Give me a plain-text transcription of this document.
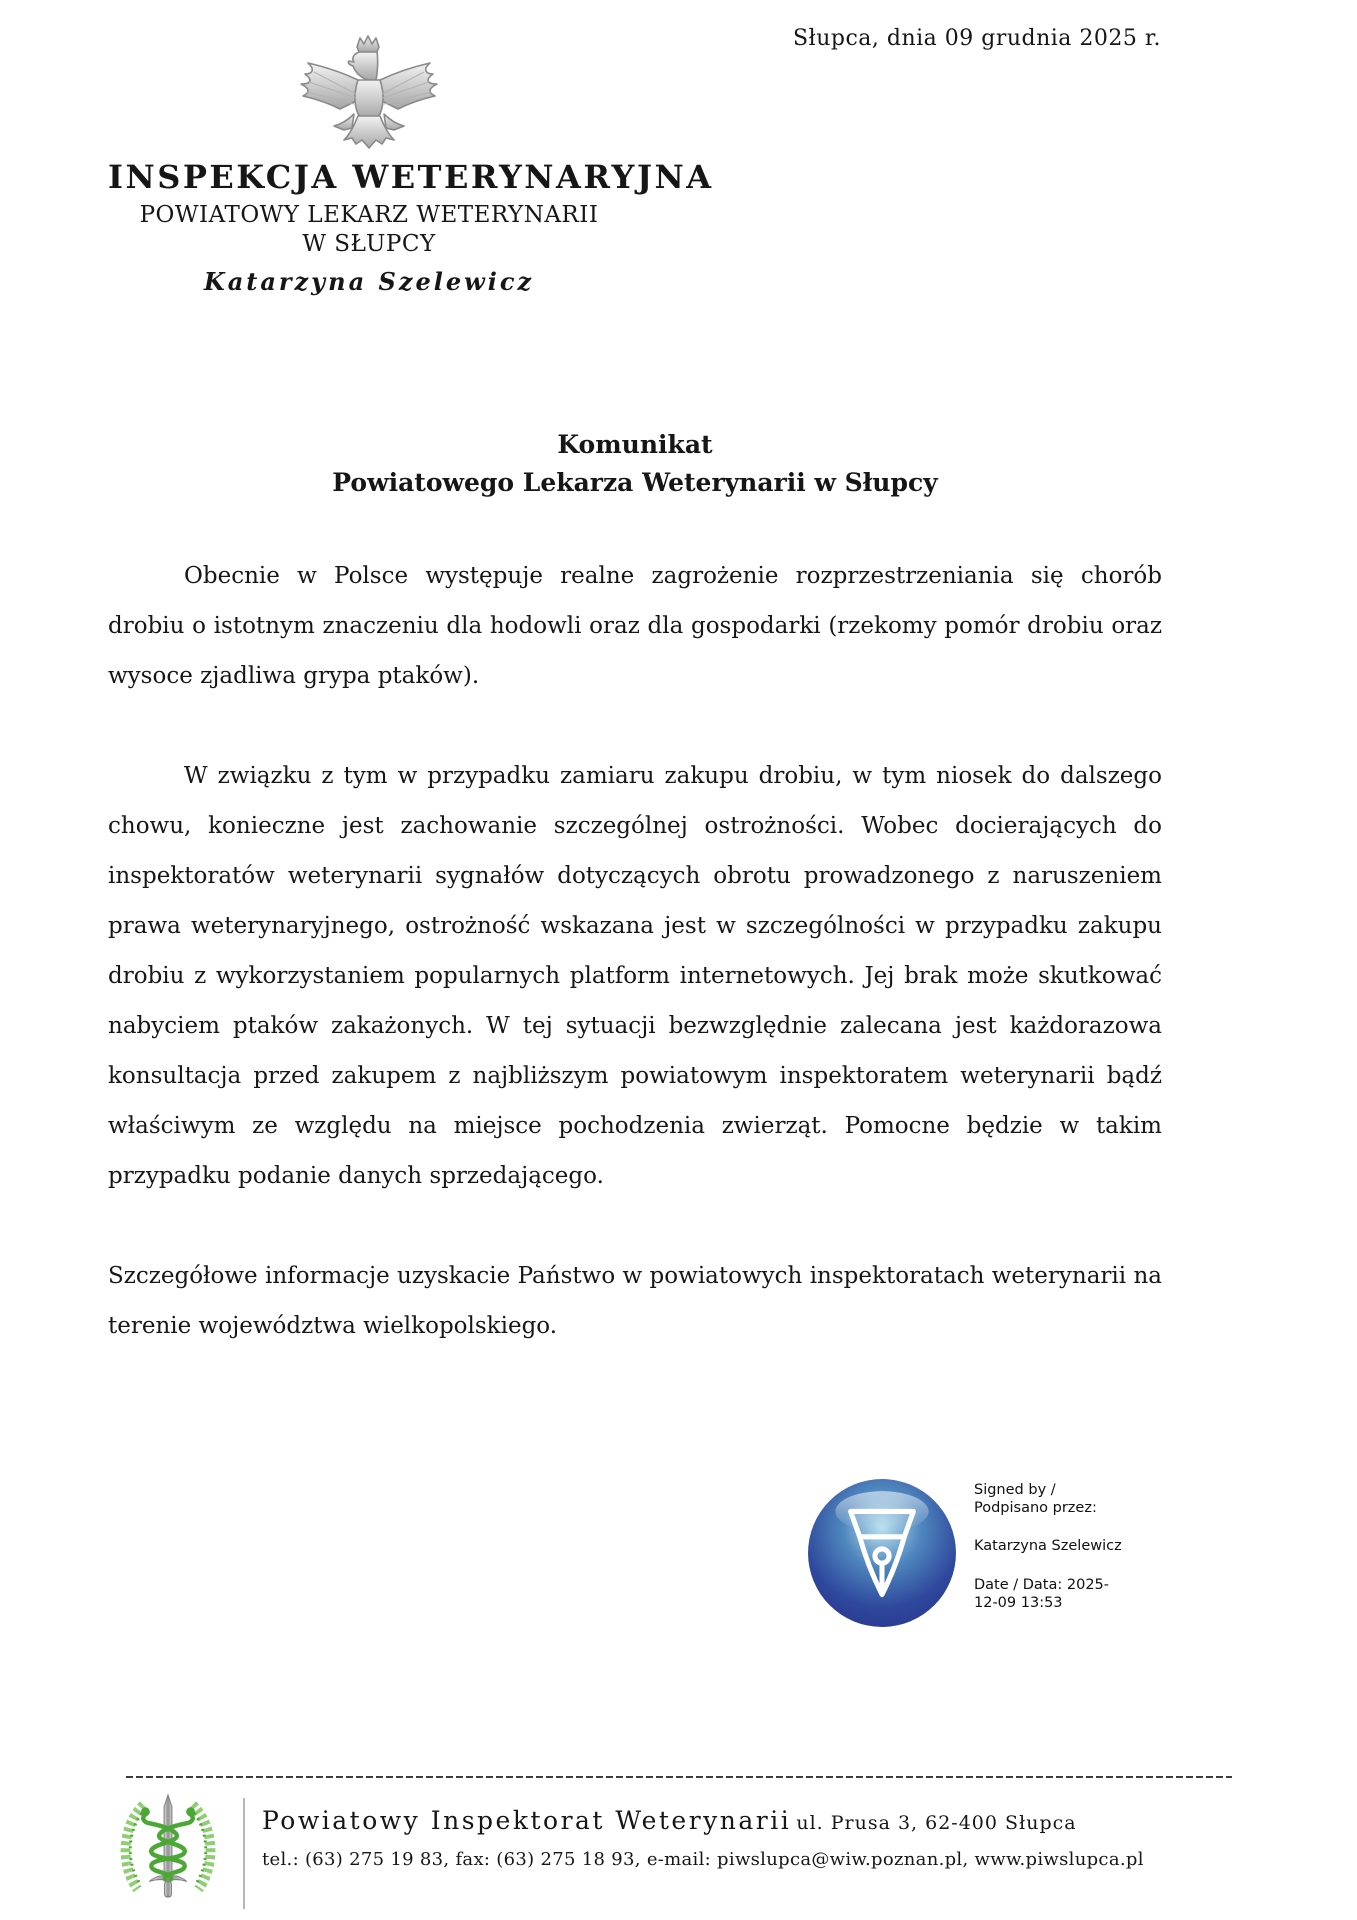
Słupca, dnia 09 grudnia 2025 r.
INSPEKCJA WETERYNARYJNA
POWIATOWY LEKARZ WETERYNARII
W SŁUPCY
Katarzyna Szelewicz
Komunikat
Powiatowego Lekarza Weterynarii w Słupcy

Obecnie w Polsce występuje realne zagrożenie rozprzestrzeniania się chorób drobiu o istotnym znaczeniu dla hodowli oraz dla gospodarki (rzekomy pomór drobiu oraz wysoce zjadliwa grypa ptaków).

W związku z tym w przypadku zamiaru zakupu drobiu, w tym niosek do dalszego chowu, konieczne jest zachowanie szczególnej ostrożności. Wobec docierających do inspektoratów weterynarii sygnałów dotyczących obrotu prowadzonego z naruszeniem prawa weterynaryjnego, ostrożność wskazana jest w szczególności w przypadku zakupu drobiu z wykorzystaniem popularnych platform internetowych. Jej brak może skutkować nabyciem ptaków zakażonych. W tej sytuacji bezwzględnie zalecana jest każdorazowa konsultacja przed zakupem z najbliższym powiatowym inspektoratem weterynarii bądź właściwym ze względu na miejsce pochodzenia zwierząt. Pomocne będzie w takim przypadku podanie danych sprzedającego.

Szczegółowe informacje uzyskacie Państwo w powiatowych inspektoratach weterynarii na terenie województwa wielkopolskiego.

Signed by /
Podpisano przez:
Katarzyna Szelewicz
Date / Data: 2025-
12-09 13:53
Powiatowy Inspektorat Weterynarii ul. Prusa 3, 62-400 Słupca
tel.: (63) 275 19 83, fax: (63) 275 18 93, e-mail: piwslupca@wiw.poznan.pl, www.piwslupca.pl
